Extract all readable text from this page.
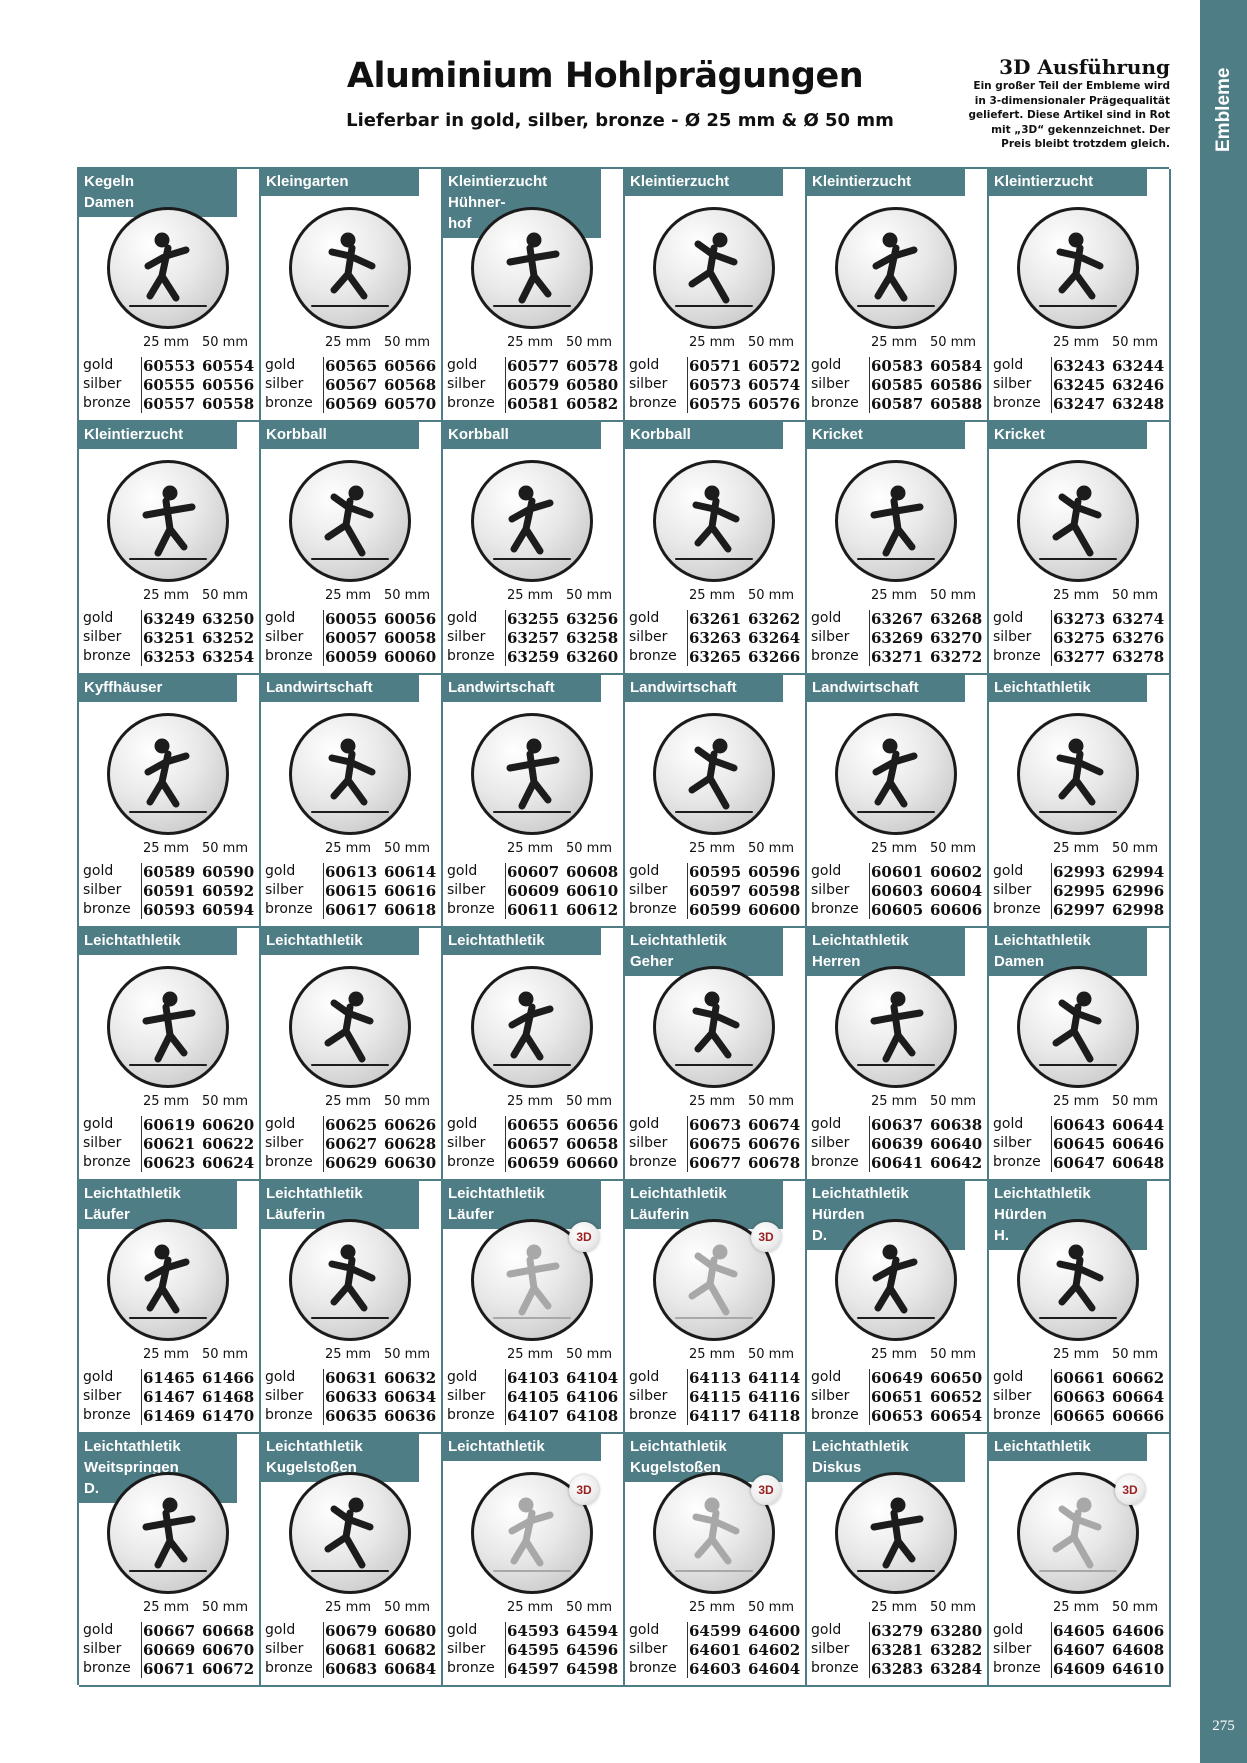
Embleme
275
Aluminium Hohlprägungen
Lieferbar in gold, silber, bronze - Ø 25 mm & Ø 50 mm
3D Ausführung
Ein großer Teil der Embleme wird
in 3-dimensionaler Prägequalität
geliefert. Diese Artikel sind in Rot
mit „3D“ gekennzeichnet. Der
Preis bleibt trotzdem gleich.
Kegeln
Damen
25 mm 50 mm
gold 60553 60554
silber 60555 60556
bronze 60557 60558
Kleingarten
25 mm 50 mm
gold 60565 60566
silber 60567 60568
bronze 60569 60570
Kleintierzucht
Hühner-
hof
25 mm 50 mm
gold 60577 60578
silber 60579 60580
bronze 60581 60582
Kleintierzucht
25 mm 50 mm
gold 60571 60572
silber 60573 60574
bronze 60575 60576
Kleintierzucht
25 mm 50 mm
gold 60583 60584
silber 60585 60586
bronze 60587 60588
Kleintierzucht
25 mm 50 mm
gold 63243 63244
silber 63245 63246
bronze 63247 63248
Kleintierzucht
25 mm 50 mm
gold 63249 63250
silber 63251 63252
bronze 63253 63254
Korbball
25 mm 50 mm
gold 60055 60056
silber 60057 60058
bronze 60059 60060
Korbball
25 mm 50 mm
gold 63255 63256
silber 63257 63258
bronze 63259 63260
Korbball
25 mm 50 mm
gold 63261 63262
silber 63263 63264
bronze 63265 63266
Kricket
25 mm 50 mm
gold 63267 63268
silber 63269 63270
bronze 63271 63272
Kricket
25 mm 50 mm
gold 63273 63274
silber 63275 63276
bronze 63277 63278
Kyffhäuser
25 mm 50 mm
gold 60589 60590
silber 60591 60592
bronze 60593 60594
Landwirtschaft
25 mm 50 mm
gold 60613 60614
silber 60615 60616
bronze 60617 60618
Landwirtschaft
25 mm 50 mm
gold 60607 60608
silber 60609 60610
bronze 60611 60612
Landwirtschaft
25 mm 50 mm
gold 60595 60596
silber 60597 60598
bronze 60599 60600
Landwirtschaft
25 mm 50 mm
gold 60601 60602
silber 60603 60604
bronze 60605 60606
Leichtathletik
25 mm 50 mm
gold 62993 62994
silber 62995 62996
bronze 62997 62998
Leichtathletik
25 mm 50 mm
gold 60619 60620
silber 60621 60622
bronze 60623 60624
Leichtathletik
25 mm 50 mm
gold 60625 60626
silber 60627 60628
bronze 60629 60630
Leichtathletik
25 mm 50 mm
gold 60655 60656
silber 60657 60658
bronze 60659 60660
Leichtathletik
Geher
25 mm 50 mm
gold 60673 60674
silber 60675 60676
bronze 60677 60678
Leichtathletik
Herren
25 mm 50 mm
gold 60637 60638
silber 60639 60640
bronze 60641 60642
Leichtathletik
Damen
25 mm 50 mm
gold 60643 60644
silber 60645 60646
bronze 60647 60648
Leichtathletik
Läufer
25 mm 50 mm
gold 61465 61466
silber 61467 61468
bronze 61469 61470
Leichtathletik
Läuferin
25 mm 50 mm
gold 60631 60632
silber 60633 60634
bronze 60635 60636
Leichtathletik
Läufer
3D
25 mm 50 mm
gold 64103 64104
silber 64105 64106
bronze 64107 64108
Leichtathletik
Läuferin
3D
25 mm 50 mm
gold 64113 64114
silber 64115 64116
bronze 64117 64118
Leichtathletik
Hürden
D.
25 mm 50 mm
gold 60649 60650
silber 60651 60652
bronze 60653 60654
Leichtathletik
Hürden
H.
25 mm 50 mm
gold 60661 60662
silber 60663 60664
bronze 60665 60666
Leichtathletik
Weitspringen
D.
25 mm 50 mm
gold 60667 60668
silber 60669 60670
bronze 60671 60672
Leichtathletik
Kugelstoßen
25 mm 50 mm
gold 60679 60680
silber 60681 60682
bronze 60683 60684
Leichtathletik
3D
25 mm 50 mm
gold 64593 64594
silber 64595 64596
bronze 64597 64598
Leichtathletik
Kugelstoßen
3D
25 mm 50 mm
gold 64599 64600
silber 64601 64602
bronze 64603 64604
Leichtathletik
Diskus
25 mm 50 mm
gold 63279 63280
silber 63281 63282
bronze 63283 63284
Leichtathletik
3D
25 mm 50 mm
gold 64605 64606
silber 64607 64608
bronze 64609 64610
